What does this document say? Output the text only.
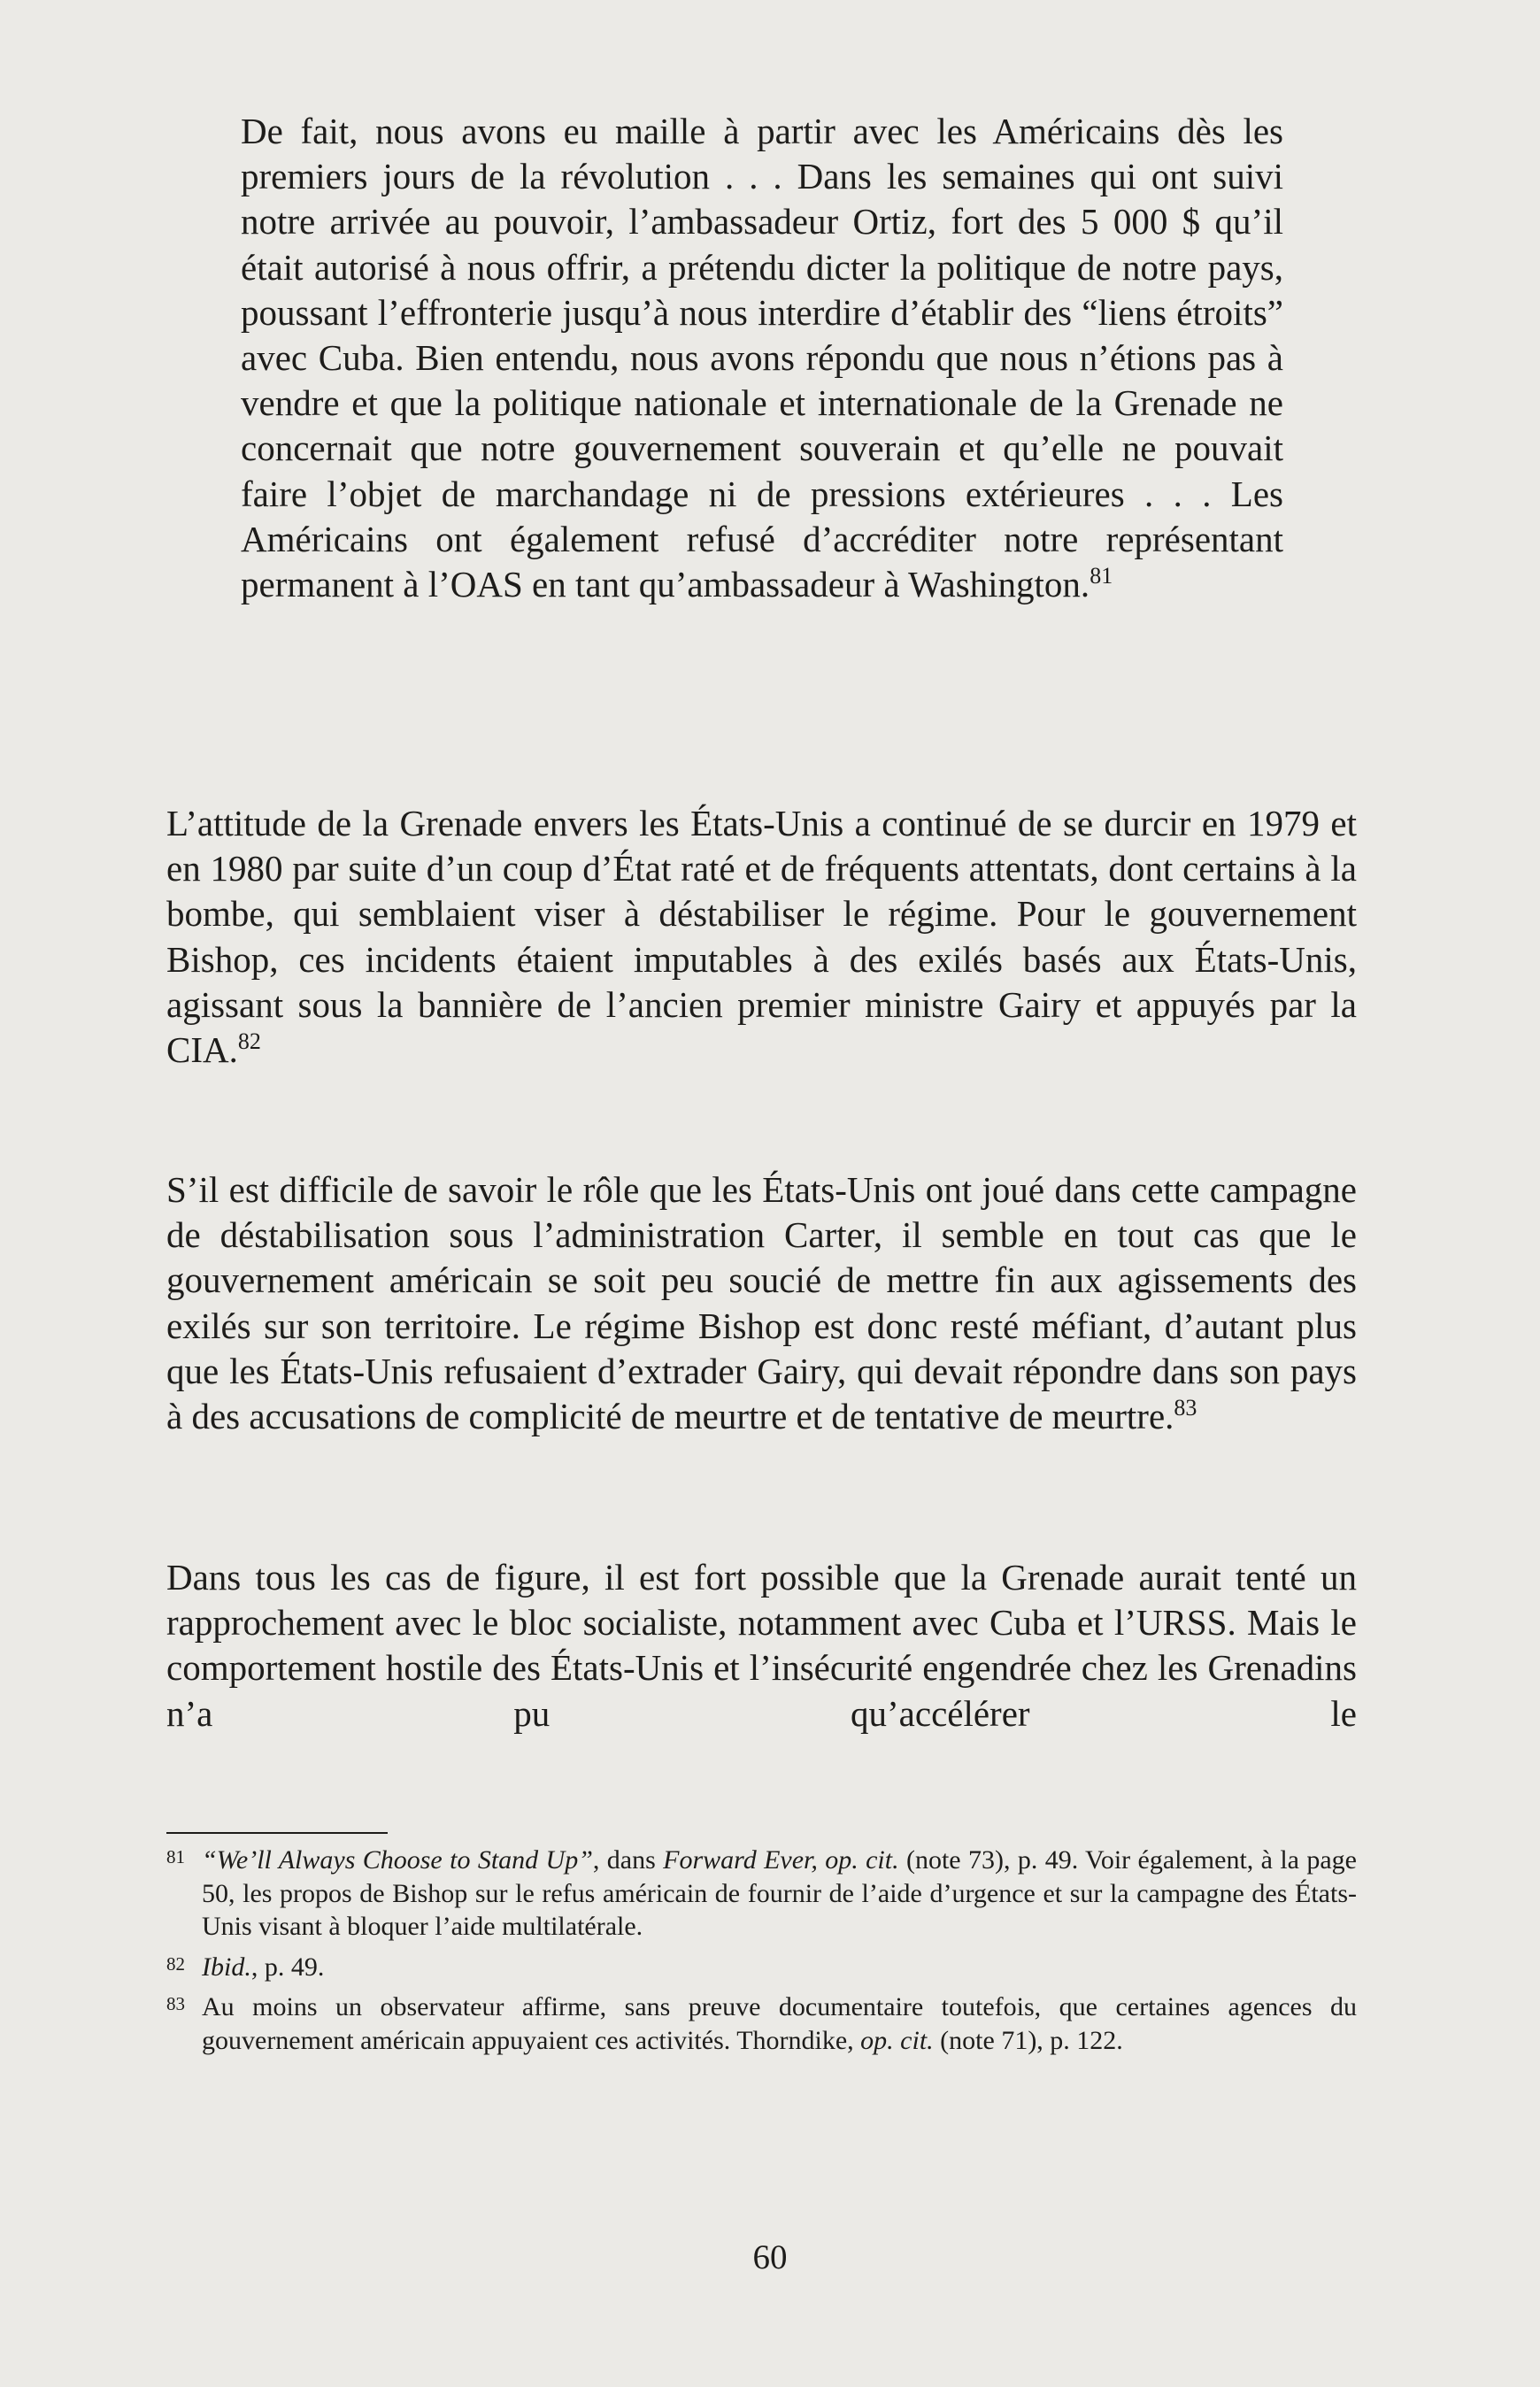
De fait, nous avons eu maille à partir avec les Américains dès les premiers jours de la révolution . . . Dans les semaines qui ont suivi notre arrivée au pouvoir, l’ambassadeur Ortiz, fort des 5 000 $ qu’il était autorisé à nous offrir, a prétendu dicter la politique de notre pays, poussant l’effronterie jusqu’à nous interdire d’établir des “liens étroits” avec Cuba. Bien entendu, nous avons répondu que nous n’étions pas à vendre et que la politique nationale et internationale de la Grenade ne concernait que notre gouvernement souverain et qu’elle ne pouvait faire l’objet de marchandage ni de pressions extérieures . . . Les Américains ont également refusé d’accréditer notre représentant permanent à l’OAS en tant qu’ambassadeur à Washington.$^{81}$
L’attitude de la Grenade envers les États-Unis a continué de se durcir en 1979 et en 1980 par suite d’un coup d’État raté et de fréquents attentats, dont certains à la bombe, qui semblaient viser à déstabiliser le régime. Pour le gouvernement Bishop, ces incidents étaient imputables à des exilés basés aux États-Unis, agissant sous la bannière de l’ancien premier ministre Gairy et appuyés par la CIA.$^{82}$
S’il est difficile de savoir le rôle que les États-Unis ont joué dans cette campagne de déstabilisation sous l’administration Carter, il semble en tout cas que le gouvernement américain se soit peu soucié de mettre fin aux agissements des exilés sur son territoire. Le régime Bishop est donc resté méfiant, d’autant plus que les États-Unis refusaient d’extrader Gairy, qui devait répondre dans son pays à des accusations de complicité de meurtre et de tentative de meurtre.$^{83}$
Dans tous les cas de figure, il est fort possible que la Grenade aurait tenté un rapprochement avec le bloc socialiste, notamment avec Cuba et l’URSS. Mais le comportement hostile des États-Unis et l’insécurité engendrée chez les Grenadins n’a pu qu’accélérer le
81 “We’ll Always Choose to Stand Up”, dans Forward Ever, op. cit. (note 73), p. 49. Voir également, à la page 50, les propos de Bishop sur le refus américain de fournir de l’aide d’urgence et sur la campagne des États-Unis visant à bloquer l’aide multilatérale.
82 Ibid., p. 49.
83 Au moins un observateur affirme, sans preuve documentaire toutefois, que certaines agences du gouvernement américain appuyaient ces activités. Thorndike, op. cit. (note 71), p. 122.
60
